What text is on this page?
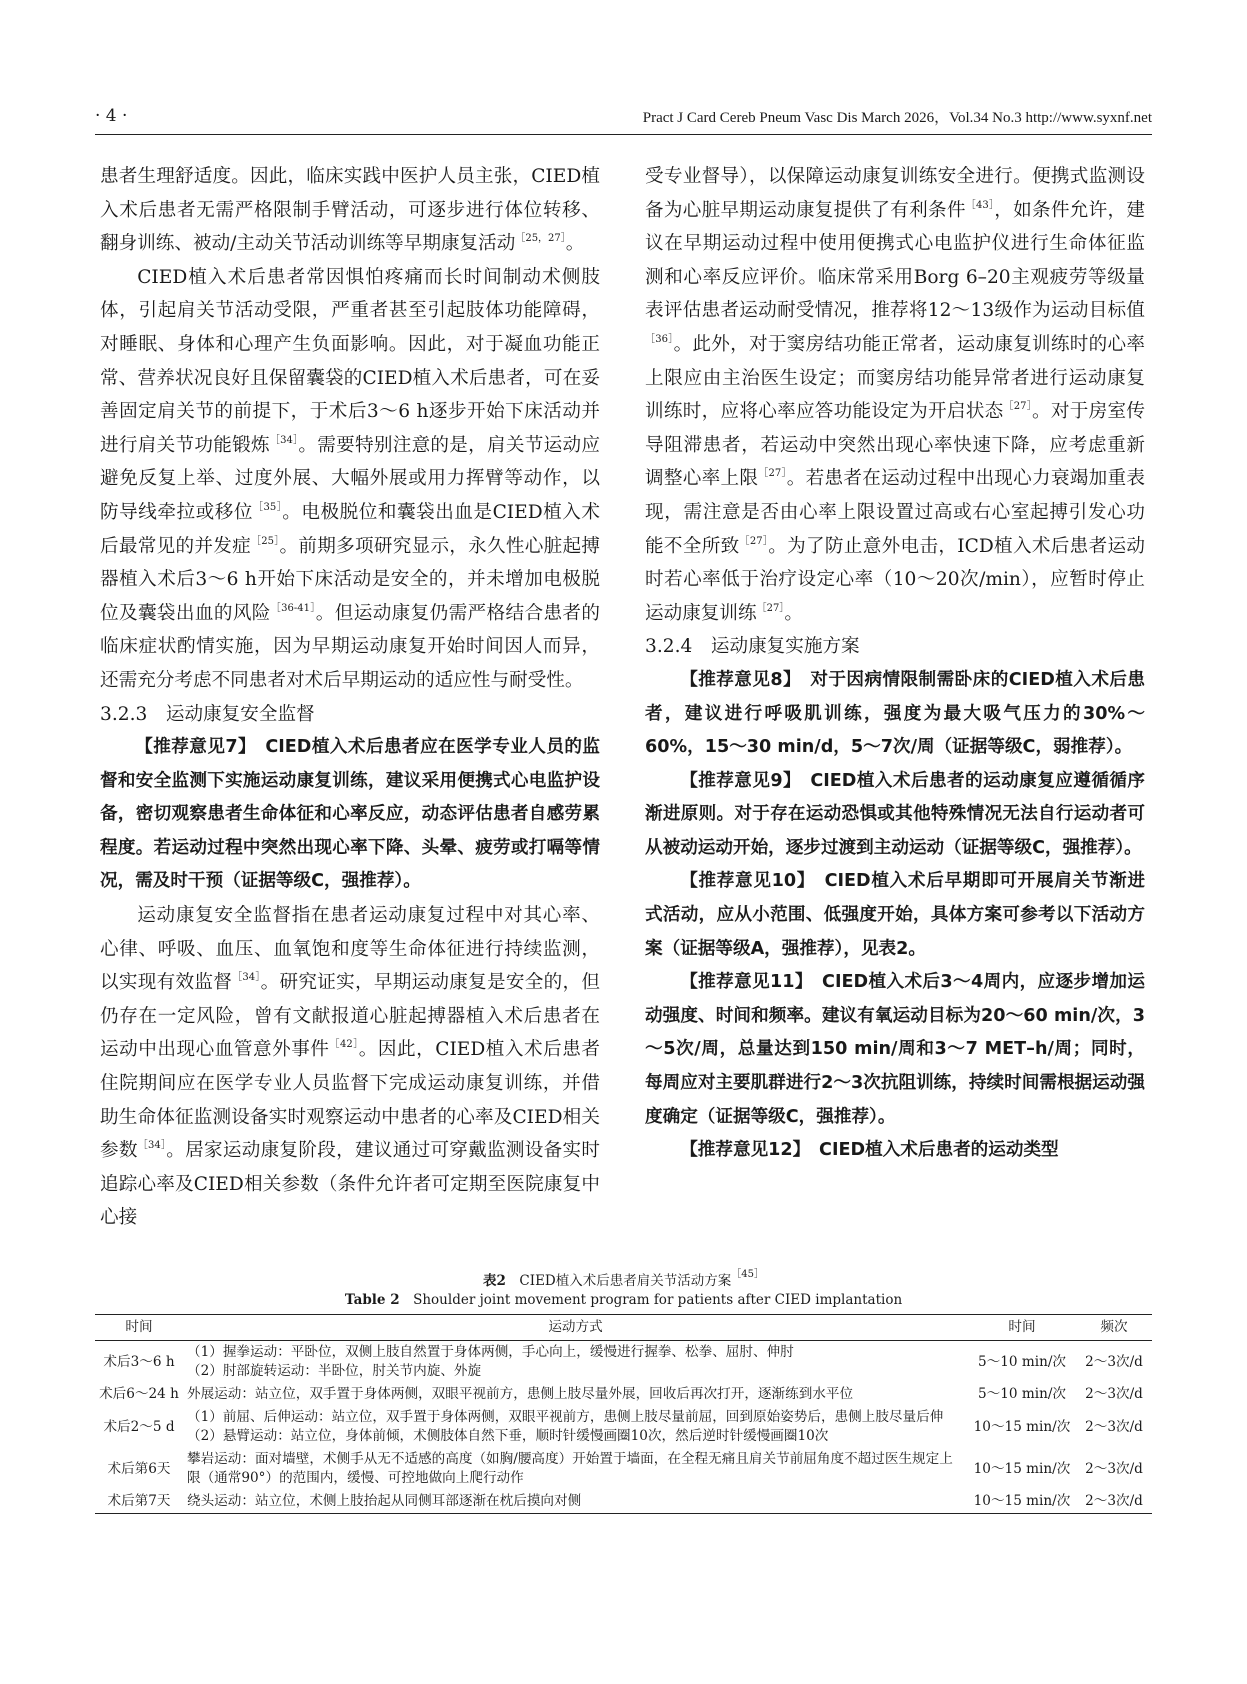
· 4 ·	Pract J Card Cereb Pneum Vasc Dis March 2026，Vol.34 No.3 http://www.syxnf.net

患者生理舒适度。因此，临床实践中医护人员主张，CIED植入术后患者无需严格限制手臂活动，可逐步进行体位转移、翻身训练、被动/主动关节活动训练等早期康复活动$^{[25,27]}$。

CIED植入术后患者常因惧怕疼痛而长时间制动术侧肢体，引起肩关节活动受限，严重者甚至引起肢体功能障碍，对睡眠、身体和心理产生负面影响。因此，对于凝血功能正常、营养状况良好且保留囊袋的CIED植入术后患者，可在妥善固定肩关节的前提下，于术后3～6 h逐步开始下床活动并进行肩关节功能锻炼$^{[34]}$。需要特别注意的是，肩关节运动应避免反复上举、过度外展、大幅外展或用力挥臂等动作，以防导线牵拉或移位$^{[35]}$。电极脱位和囊袋出血是CIED植入术后最常见的并发症$^{[25]}$。前期多项研究显示，永久性心脏起搏器植入术后3～6 h开始下床活动是安全的，并未增加电极脱位及囊袋出血的风险$^{[36-41]}$。但运动康复仍需严格结合患者的临床症状酌情实施，因为早期运动康复开始时间因人而异，还需充分考虑不同患者对术后早期运动的适应性与耐受性。

3.2.3　运动康复安全监督

【推荐意见7】　CIED植入术后患者应在医学专业人员的监督和安全监测下实施运动康复训练，建议采用便携式心电监护设备，密切观察患者生命体征和心率反应，动态评估患者自感劳累程度。若运动过程中突然出现心率下降、头晕、疲劳或打嗝等情况，需及时干预（证据等级C，强推荐）。

运动康复安全监督指在患者运动康复过程中对其心率、心律、呼吸、血压、血氧饱和度等生命体征进行持续监测，以实现有效监督$^{[34]}$。研究证实，早期运动康复是安全的，但仍存在一定风险，曾有文献报道心脏起搏器植入术后患者在运动中出现心血管意外事件$^{[42]}$。因此，CIED植入术后患者住院期间应在医学专业人员监督下完成运动康复训练，并借助生命体征监测设备实时观察运动中患者的心率及CIED相关参数$^{[34]}$。居家运动康复阶段，建议通过可穿戴监测设备实时追踪心率及CIED相关参数（条件允许者可定期至医院康复中心接

受专业督导），以保障运动康复训练安全进行。便携式监测设备为心脏早期运动康复提供了有利条件$^{[43]}$，如条件允许，建议在早期运动过程中使用便携式心电监护仪进行生命体征监测和心率反应评价。临床常采用Borg 6–20主观疲劳等级量表评估患者运动耐受情况，推荐将12～13级作为运动目标值$^{[36]}$。此外，对于窦房结功能正常者，运动康复训练时的心率上限应由主治医生设定；而窦房结功能异常者进行运动康复训练时，应将心率应答功能设定为开启状态$^{[27]}$。对于房室传导阻滞患者，若运动中突然出现心率快速下降，应考虑重新调整心率上限$^{[27]}$。若患者在运动过程中出现心力衰竭加重表现，需注意是否由心率上限设置过高或右心室起搏引发心功能不全所致$^{[27]}$。为了防止意外电击，ICD植入术后患者运动时若心率低于治疗设定心率（10～20次/min），应暂时停止运动康复训练$^{[27]}$。

3.2.4　运动康复实施方案

【推荐意见8】　对于因病情限制需卧床的CIED植入术后患者，建议进行呼吸肌训练，强度为最大吸气压力的30%～60%，15～30 min/d，5～7次/周（证据等级C，弱推荐）。

【推荐意见9】　CIED植入术后患者的运动康复应遵循循序渐进原则。对于存在运动恐惧或其他特殊情况无法自行运动者可从被动运动开始，逐步过渡到主动运动（证据等级C，强推荐）。

【推荐意见10】　CIED植入术后早期即可开展肩关节渐进式活动，应从小范围、低强度开始，具体方案可参考以下活动方案（证据等级A，强推荐），见表2。

【推荐意见11】　CIED植入术后3～4周内，应逐步增加运动强度、时间和频率。建议有氧运动目标为20～60 min/次，3～5次/周，总量达到150 min/周和3～7 MET–h/周；同时，每周应对主要肌群进行2～3次抗阻训练，持续时间需根据运动强度确定（证据等级C，强推荐）。

【推荐意见12】　CIED植入术后患者的运动类型

表2　CIED植入术后患者肩关节活动方案$^{[45]}$
Table 2　Shoulder joint movement program for patients after CIED implantation
时间	运动方式	时间	频次
术后3～6 h	（1）握拳运动：平卧位，双侧上肢自然置于身体两侧，手心向上，缓慢进行握拳、松拳、屈肘、伸肘
（2）肘部旋转运动：半卧位，肘关节内旋、外旋	5～10 min/次	2～3次/d
术后6～24 h	外展运动：站立位，双手置于身体两侧，双眼平视前方，患侧上肢尽量外展，回收后再次打开，逐渐练到水平位	5～10 min/次	2～3次/d
术后2～5 d	（1）前屈、后伸运动：站立位，双手置于身体两侧，双眼平视前方，患侧上肢尽量前屈，回到原始姿势后，患侧上肢尽量后伸
（2）悬臂运动：站立位，身体前倾，术侧肢体自然下垂，顺时针缓慢画圈10次，然后逆时针缓慢画圈10次	10～15 min/次	2～3次/d
术后第6天	攀岩运动：面对墙壁，术侧手从无不适感的高度（如胸/腰高度）开始置于墙面，在全程无痛且肩关节前屈角度不超过医生规定上限（通常90°）的范围内，缓慢、可控地做向上爬行动作	10～15 min/次	2～3次/d
术后第7天	绕头运动：站立位，术侧上肢抬起从同侧耳部逐渐在枕后摸向对侧	10～15 min/次	2～3次/d
